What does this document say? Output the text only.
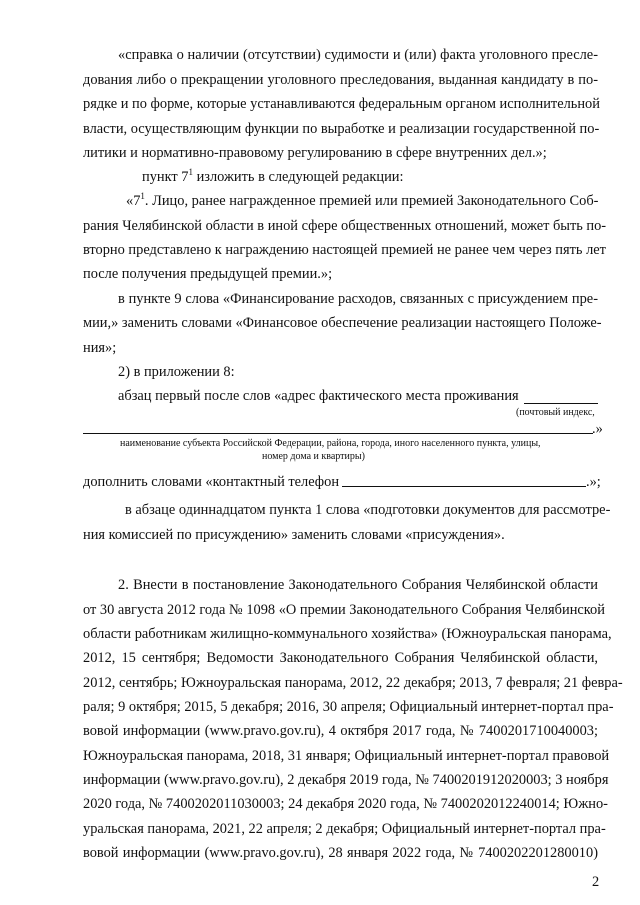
«справка о наличии (отсутствии) судимости и (или) факта уголовного пресле-
дования либо о прекращении уголовного преследования, выданная кандидату в по-
рядке и по форме, которые устанавливаются федеральным органом исполнительной
власти, осуществляющим функции по выработке и реализации государственной по-
литики и нормативно-правовому регулированию в сфере внутренних дел.»;
пункт $7^1$ изложить в следующей редакции:
«$7^1$. Лицо, ранее награжденное премией или премией Законодательного Соб-
рания Челябинской области в иной сфере общественных отношений, может быть по-
вторно представлено к награждению настоящей премией не ранее чем через пять лет
после получения предыдущей премии.»;
в пункте 9 слова «Финансирование расходов, связанных с присуждением пре-
мии,» заменить словами «Финансовое обеспечение реализации настоящего Положе-
ния»;
2) в приложении 8:
абзац первый после слов «адрес фактического места проживания
(почтовый индекс,
.»
наименование субъекта Российской Федерации, района, города, иного населенного пункта, улицы,
номер дома и квартиры)
дополнить словами «контактный телефон	.»;
в абзаце одиннадцатом пункта 1 слова «подготовки документов для рассмотре-
ния комиссией по присуждению» заменить словами «присуждения».
2. Внести в постановление Законодательного Собрания Челябинской области
от 30 августа 2012 года № 1098 «О премии Законодательного Собрания Челябинской
области работникам жилищно-коммунального хозяйства» (Южноуральская панорама,
2012, 15 сентября; Ведомости Законодательного Собрания Челябинской области,
2012, сентябрь; Южноуральская панорама, 2012, 22 декабря; 2013, 7 февраля; 21 февра-
раля; 9 октября; 2015, 5 декабря; 2016, 30 апреля; Официальный интернет-портал пра-
вовой информации (www.pravo.gov.ru), 4 октября 2017 года, № 7400201710040003;
Южноуральская панорама, 2018, 31 января; Официальный интернет-портал правовой
информации (www.pravo.gov.ru), 2 декабря 2019 года, № 7400201912020003; 3 ноября
2020 года, № 7400202011030003; 24 декабря 2020 года, № 7400202012240014; Южно-
уральская панорама, 2021, 22 апреля; 2 декабря; Официальный интернет-портал пра-
вовой информации (www.pravo.gov.ru), 28 января 2022 года, № 7400202201280010)
2
